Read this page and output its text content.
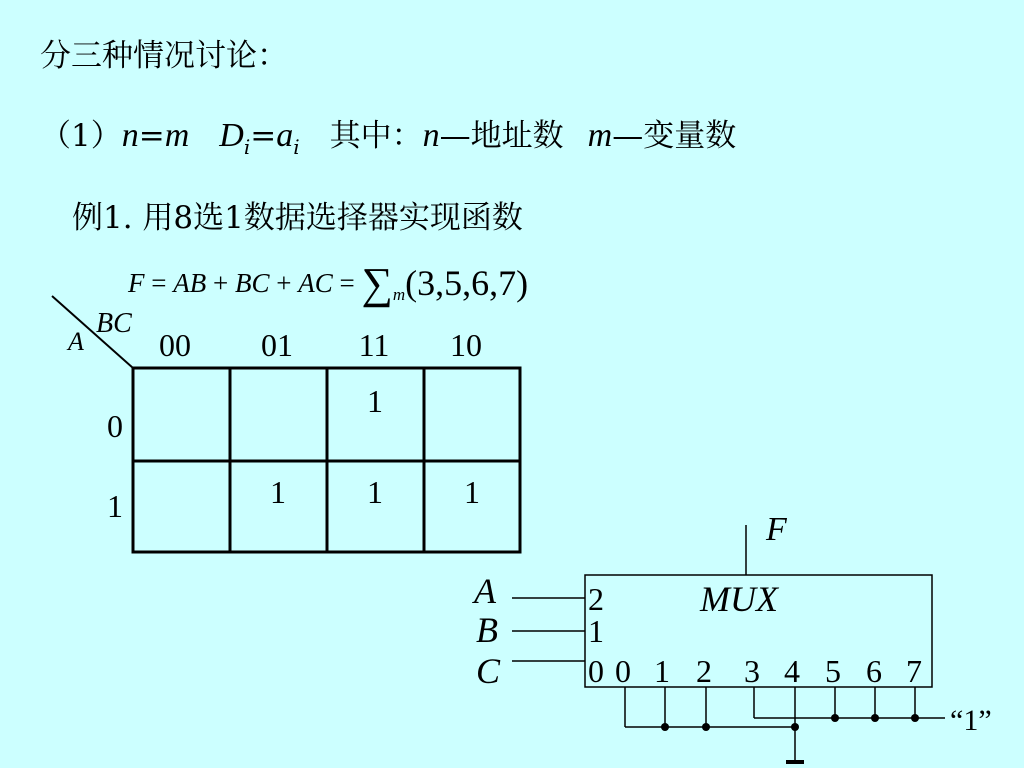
分三种情况讨论：
（1）n=m $D_i=a_i$ 其中：n—地址数 m—变量数
例1. 用8选1数据选择器实现函数
F = AB + BC + AC = $\sum_m(3,5,6,7)$
BC
A 00 01 11 10
0
1
1
1	1	1
F
MUX
A
B
C
2
1
0 0 1 2 3 4 5 6 7
“1”
